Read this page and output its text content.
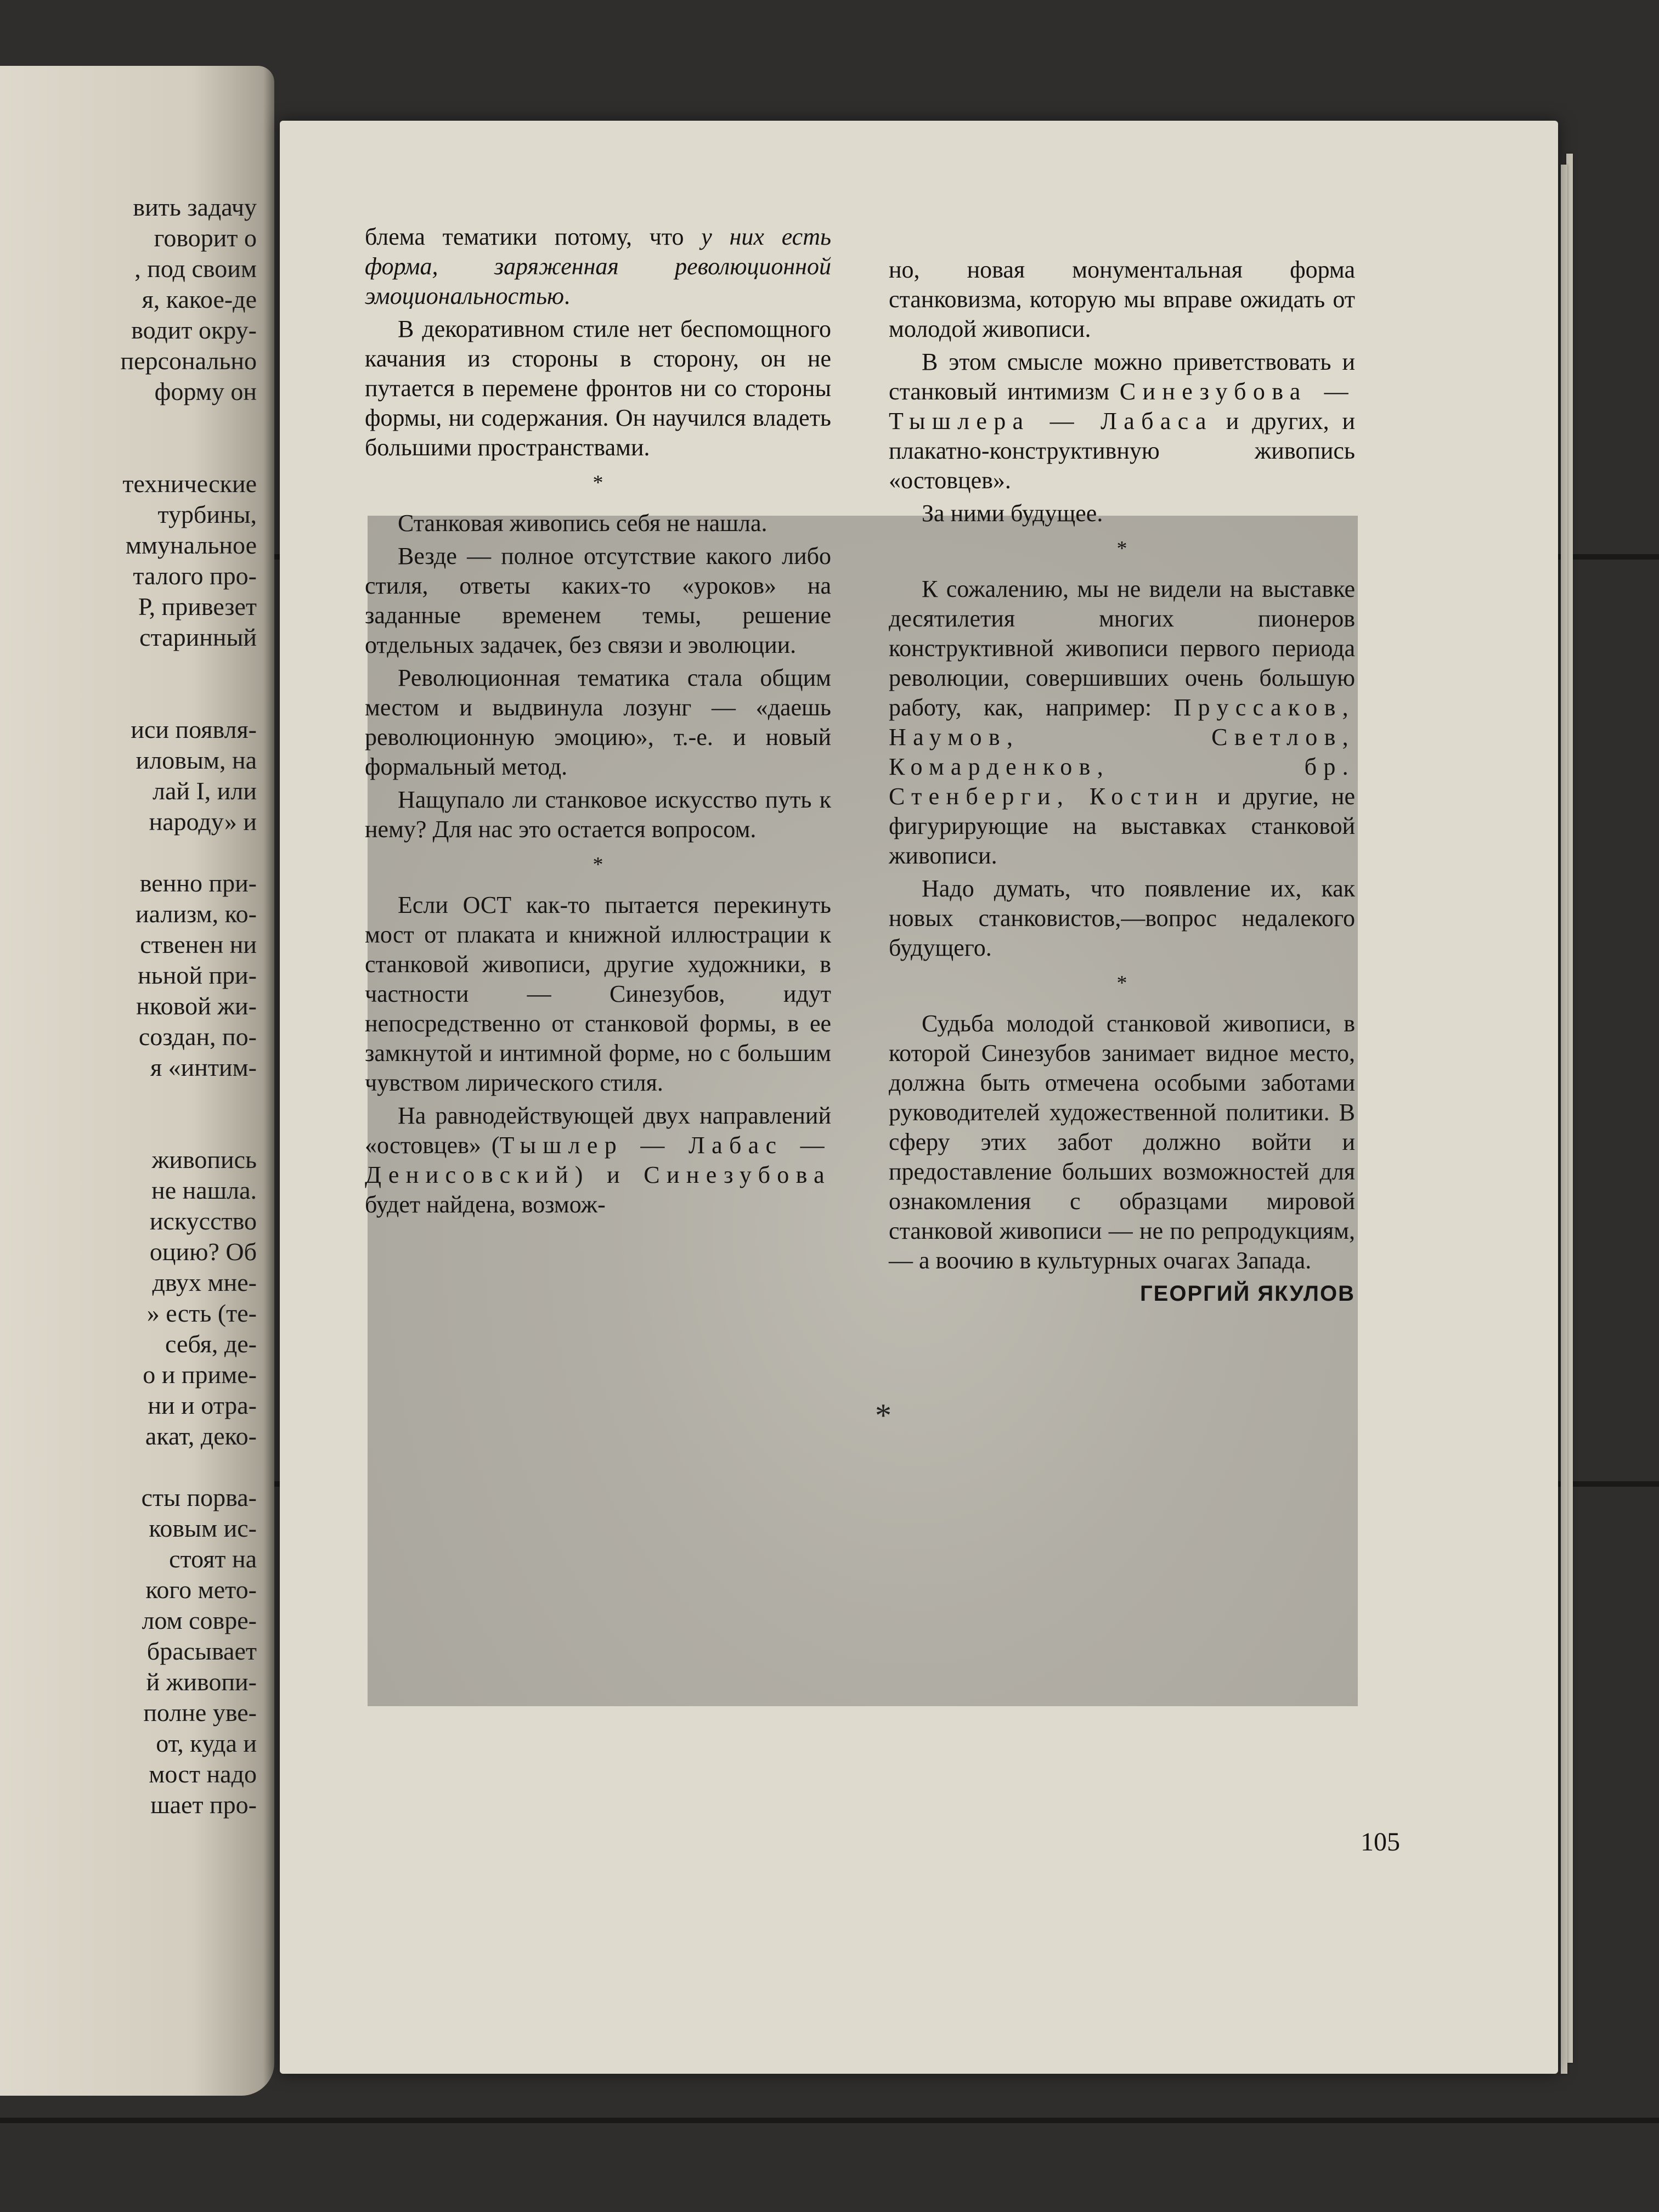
вить задачу
говорит о
, под своим
я, какое-де
водит окру-
персонально
форму он
технические
турбины,
ммунальное
талого про-
Р, привезет
старинный
иси появля-
иловым, на
лай I, или
народу» и
венно при-
иализм, ко-
ственен ни
ньной при-
нковой жи-
создан, по-
я «интим-
живопись
не нашла.
искусство
оцию? Об
двух мне-
» есть (те-
себя, де-
о и приме-
ни и отра-
акат, деко-
сты порва-
ковым ис-
стоят на
кого мето-
лом совре-
брасывает
й живопи-
полне уве-
от, куда и
мост надо
шает про-
*

блема тематики потому, что у них есть форма, заряженная революционной эмоциональностью.

В декоративном стиле нет беспомощного качания из стороны в сторону, он не путается в перемене фронтов ни со стороны формы, ни содержания. Он научился владеть большими пространствами.

*

Станковая живопись себя не нашла.

Везде — полное отсутствие какого либо стиля, ответы каких-то «уроков» на заданные временем темы, решение отдельных задачек, без связи и эволюции.

Революционная тематика стала общим местом и выдвинула лозунг — «даешь революционную эмоцию», т.-е. и новый формальный метод.

Нащупало ли станковое искусство путь к нему? Для нас это остается вопросом.

*

Если ОСТ как-то пытается перекинуть мост от плаката и книжной иллюстрации к станковой живописи, другие художники, в частности — Синезубов, идут непосредственно от станковой формы, в ее замкнутой и интимной форме, но с большим чувством лирического стиля.

На равнодействующей двух направлений «остовцев» (Тышлер — Лабас — Денисовский) и Синезубова будет найдена, возмож-

но, новая монументальная форма станковизма, которую мы вправе ожидать от молодой живописи.

В этом смысле можно приветствовать и станковый интимизм Синезубова — Тышлера — Лабаса и других, и плакатно-конструктивную живопись «остовцев».

За ними будущее.

*

К сожалению, мы не видели на выставке десятилетия многих пионеров конструктивной живописи первого периода революции, совершивших очень большую работу, как, например: Пруссаков, Наумов, Светлов, Комарденков, бр. Стенберги, Костин и другие, не фигурирующие на выставках станковой живописи.

Надо думать, что появление их, как новых станковистов,—вопрос недалекого будущего.

*

Судьба молодой станковой живописи, в которой Синезубов занимает видное место, должна быть отмечена особыми заботами руководителей художественной политики. В сферу этих забот должно войти и предоставление больших возможностей для ознакомления с образцами мировой станковой живописи — не по репродукциям, — а воочию в культурных очагах Запада.

ГЕОРГИЙ ЯКУЛОВ

105
